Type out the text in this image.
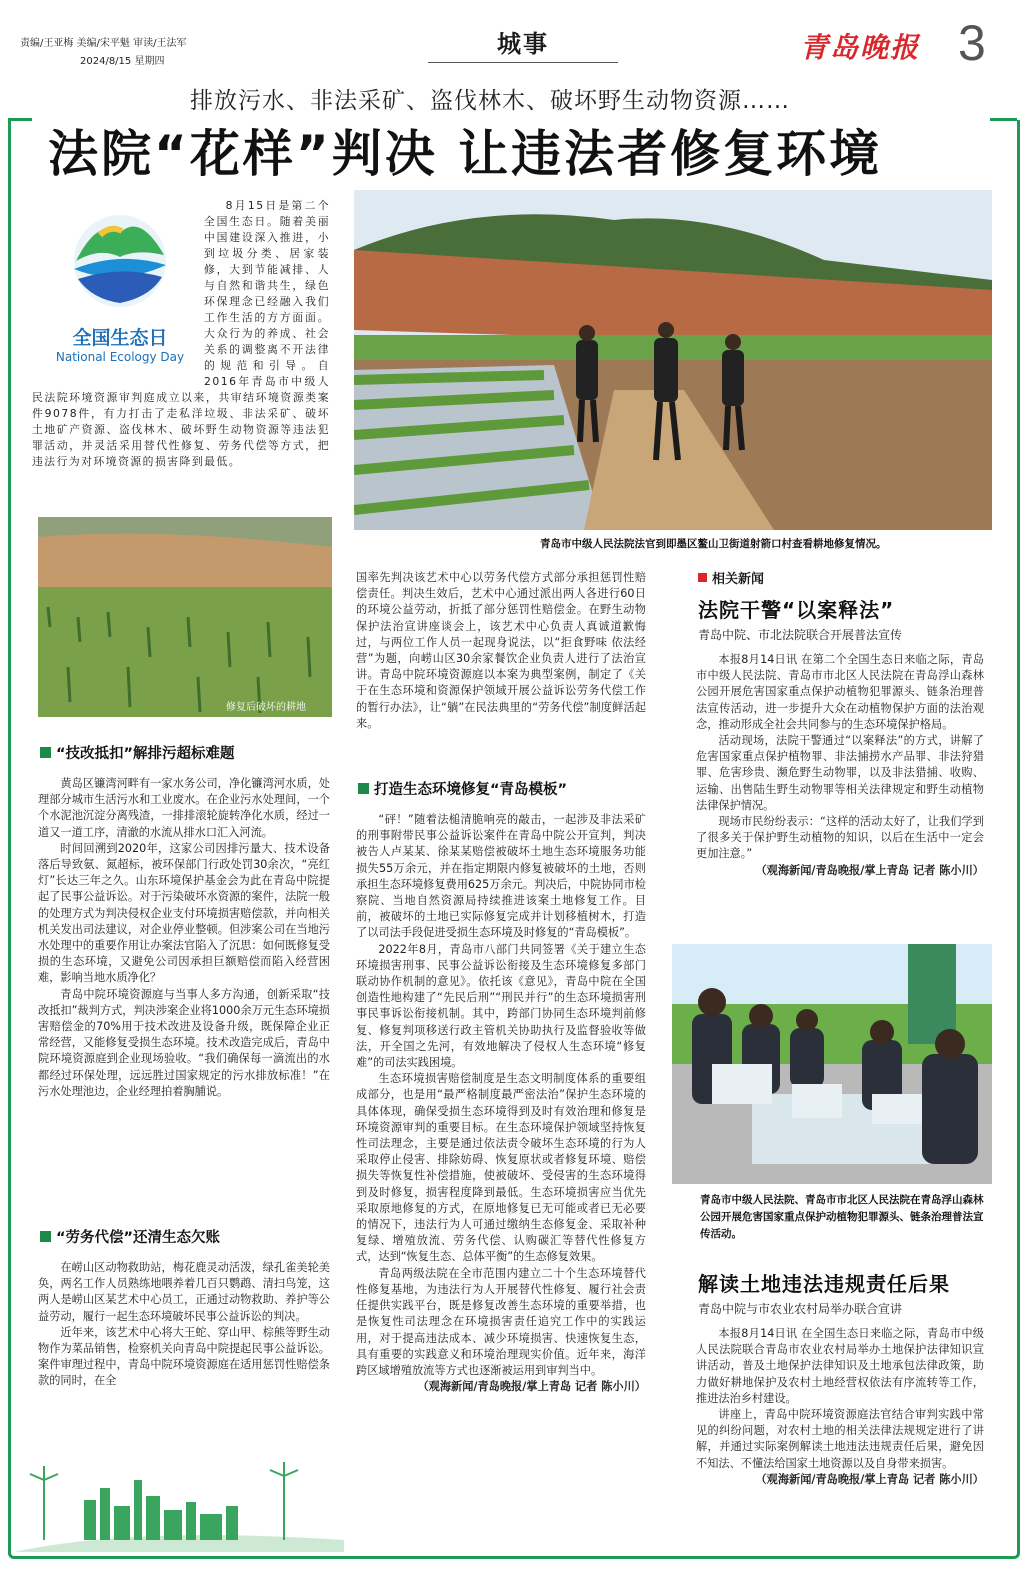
责编/王亚梅 美编/宋平魁 审读/王法军
2024/8/15 星期四
城事	青岛晚报 3
排放污水、非法采矿、盗伐林木、破坏野生动物资源……
法院“花样”判决 让违法者修复环境
全国生态日
National Ecology Day

8月15日是第二个全国生态日。随着美丽中国建设深入推进，小到垃圾分类、居家装修，大到节能减排、人与自然和谐共生，绿色环保理念已经融入我们工作生活的方方面面。大众行为的养成、社会关系的调整离不开法律的规范和引导。自2016年青岛市中级人民法院环境资源审判庭成立以来，共审结环境资源类案件9078件，有力打击了走私洋垃圾、非法采矿、破坏土地矿产资源、盗伐林木、破坏野生动物资源等违法犯罪活动，并灵活采用替代性修复、劳务代偿等方式，把违法行为对环境资源的损害降到最低。

青岛市中级人民法院法官到即墨区鳌山卫街道射箭口村查看耕地修复情况。
修复后破坏的耕地
“技改抵扣”解排污超标难题

黄岛区镰湾河畔有一家水务公司，净化镰湾河水质，处理部分城市生活污水和工业废水。在企业污水处理间，一个个水泥池沉淀分离残渣，一排排滚轮旋转净化水质，经过一道又一道工序，清澈的水流从排水口汇入河流。

时间回溯到2020年，这家公司因排污量大、技术设备落后导致氨、氮超标，被环保部门行政处罚30余次，“亮红灯”长达三年之久。山东环境保护基金会为此在青岛中院提起了民事公益诉讼。对于污染破坏水资源的案件，法院一般的处理方式为判决侵权企业支付环境损害赔偿款，并向相关机关发出司法建议，对企业停业整顿。但涉案公司在当地污水处理中的重要作用让办案法官陷入了沉思：如何既修复受损的生态环境，又避免公司因承担巨额赔偿而陷入经营困难，影响当地水质净化？

青岛中院环境资源庭与当事人多方沟通，创新采取“技改抵扣”裁判方式，判决涉案企业将1000余万元生态环境损害赔偿金的70%用于技术改进及设备升级，既保障企业正常经营，又能修复受损生态环境。技术改造完成后，青岛中院环境资源庭到企业现场验收。“我们确保每一滴流出的水都经过环保处理，远远胜过国家规定的污水排放标准！”在污水处理池边，企业经理拍着胸脯说。

“劳务代偿”还清生态欠账

在崂山区动物救助站，梅花鹿灵动活泼，绿孔雀美轮美奂，两名工作人员熟练地喂养着几百只鹦鹉、清扫鸟笼，这两人是崂山区某艺术中心员工，正通过动物救助、养护等公益劳动，履行一起生态环境破坏民事公益诉讼的判决。

近年来，该艺术中心将大王蛇、穿山甲、棕熊等野生动物作为菜品销售，检察机关向青岛中院提起民事公益诉讼。案件审理过程中，青岛中院环境资源庭在适用惩罚性赔偿条款的同时，在全

国率先判决该艺术中心以劳务代偿方式部分承担惩罚性赔偿责任。判决生效后，艺术中心通过派出两人各进行60日的环境公益劳动，折抵了部分惩罚性赔偿金。在野生动物保护法治宣讲座谈会上，该艺术中心负责人真诚道歉悔过，与两位工作人员一起现身说法，以“拒食野味 依法经营”为题，向崂山区30余家餐饮企业负责人进行了法治宣讲。青岛中院环境资源庭以本案为典型案例，制定了《关于在生态环境和资源保护领域开展公益诉讼劳务代偿工作的暂行办法》，让“躺”在民法典里的“劳务代偿”制度鲜活起来。

打造生态环境修复“青岛模板”

“砰！”随着法槌清脆响亮的敲击，一起涉及非法采矿的刑事附带民事公益诉讼案件在青岛中院公开宣判，判决被告人卢某某、徐某某赔偿被破坏土地生态环境服务功能损失55万余元，并在指定期限内修复被破坏的土地，否则承担生态环境修复费用625万余元。判决后，中院协同市检察院、当地自然资源局持续推进该案土地修复工作。目前，被破坏的土地已实际修复完成并计划移植树木，打造了以司法手段促进受损生态环境及时修复的“青岛模板”。

2022年8月，青岛市八部门共同签署《关于建立生态环境损害刑事、民事公益诉讼衔接及生态环境修复多部门联动协作机制的意见》。依托该《意见》，青岛中院在全国创造性地构建了“先民后刑”“刑民并行”的生态环境损害刑事民事诉讼衔接机制。其中，跨部门协同生态环境判前修复、修复判项移送行政主管机关协助执行及监督验收等做法，开全国之先河，有效地解决了侵权人生态环境“修复难”的司法实践困境。

生态环境损害赔偿制度是生态文明制度体系的重要组成部分，也是用“最严格制度最严密法治”保护生态环境的具体体现，确保受损生态环境得到及时有效治理和修复是环境资源审判的重要目标。在生态环境保护领域坚持恢复性司法理念，主要是通过依法责令破坏生态环境的行为人采取停止侵害、排除妨碍、恢复原状或者修复环境、赔偿损失等恢复性补偿措施，使被破坏、受侵害的生态环境得到及时修复，损害程度降到最低。生态环境损害应当优先采取原地修复的方式，在原地修复已无可能或者已无必要的情况下，违法行为人可通过缴纳生态修复金、采取补种复绿、增殖放流、劳务代偿、认购碳汇等替代性修复方式，达到“恢复生态、总体平衡”的生态修复效果。

青岛两级法院在全市范围内建立二十个生态环境替代性修复基地，为违法行为人开展替代性修复、履行社会责任提供实践平台，既是修复改善生态环境的重要举措，也是恢复性司法理念在环境损害责任追究工作中的实践运用，对于提高违法成本、减少环境损害、快速恢复生态，具有重要的实践意义和环境治理现实价值。近年来，海洋跨区域增殖放流等方式也逐渐被运用到审判当中。

（观海新闻/青岛晚报/掌上青岛 记者 陈小川）

相关新闻
法院干警“以案释法”
青岛中院、市北法院联合开展普法宣传

本报8月14日讯 在第二个全国生态日来临之际，青岛市中级人民法院、青岛市市北区人民法院在青岛浮山森林公园开展危害国家重点保护动植物犯罪源头、链条治理普法宣传活动，进一步提升大众在动植物保护方面的法治观念，推动形成全社会共同参与的生态环境保护格局。

活动现场，法院干警通过“以案释法”的方式，讲解了危害国家重点保护植物罪、非法捕捞水产品罪、非法狩猎罪、危害珍贵、濒危野生动物罪，以及非法猎捕、收购、运输、出售陆生野生动物罪等相关法律规定和野生动植物法律保护情况。

现场市民纷纷表示：“这样的活动太好了，让我们学到了很多关于保护野生动植物的知识，以后在生活中一定会更加注意。”

（观海新闻/青岛晚报/掌上青岛 记者 陈小川）

青岛市中级人民法院、青岛市市北区人民法院在青岛浮山森林公园开展危害国家重点保护动植物犯罪源头、链条治理普法宣传活动。
解读土地违法违规责任后果
青岛中院与市农业农村局举办联合宣讲

本报8月14日讯 在全国生态日来临之际，青岛市中级人民法院联合青岛市农业农村局举办土地保护法律知识宣讲活动，普及土地保护法律知识及土地承包法律政策，助力做好耕地保护及农村土地经营权依法有序流转等工作，推进法治乡村建设。

讲座上，青岛中院环境资源庭法官结合审判实践中常见的纠纷问题，对农村土地的相关法律法规规定进行了讲解，并通过实际案例解读土地违法违规责任后果，避免因不知法、不懂法给国家土地资源以及自身带来损害。

（观海新闻/青岛晚报/掌上青岛 记者 陈小川）
